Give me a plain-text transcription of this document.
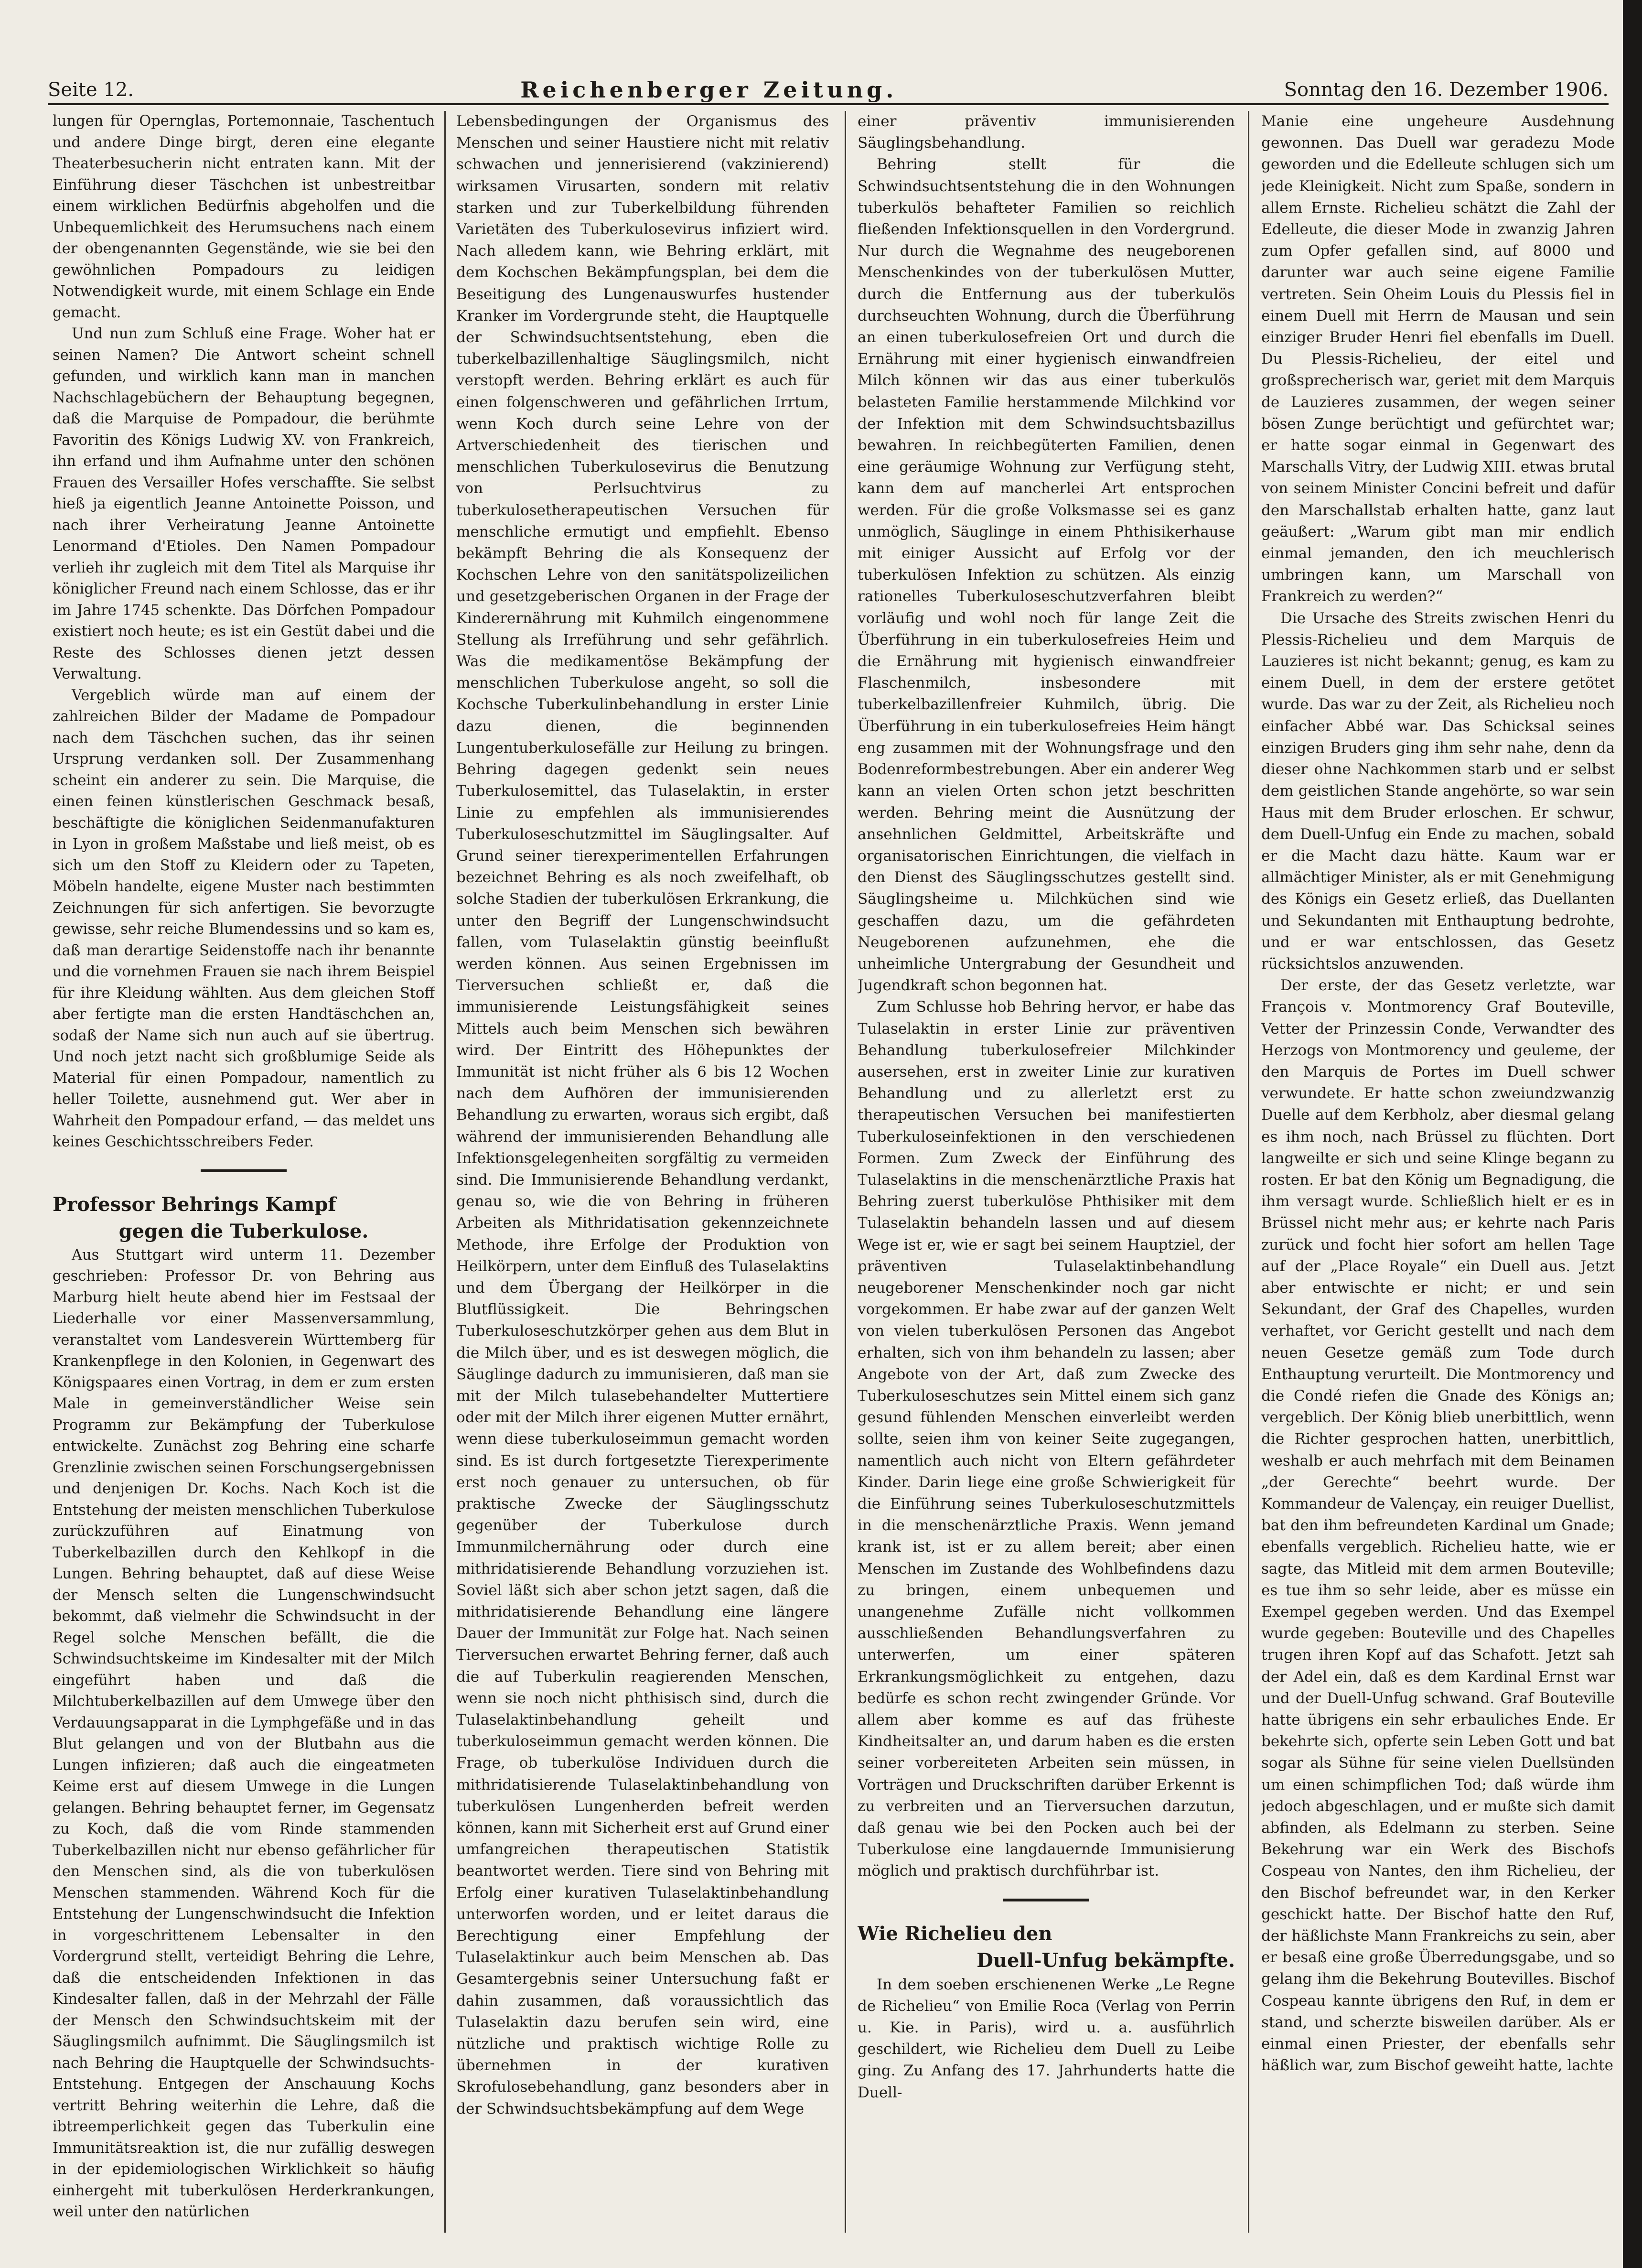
Seite 12.	Reichenberger Zeitung.	Sonntag den 16. Dezember 1906.

lungen für Opernglas, Portemonnaie, Taschentuch und andere Dinge birgt, deren eine elegante Theaterbesucherin nicht entraten kann. Mit der Einführung dieser Täschchen ist unbestreitbar einem wirklichen Bedürfnis abgeholfen und die Unbequemlichkeit des Herumsuchens nach einem der obengenannten Gegenstände, wie sie bei den gewöhnlichen Pompadours zu leidigen Notwendigkeit wurde, mit einem Schlage ein Ende gemacht.

Und nun zum Schluß eine Frage. Woher hat er seinen Namen? Die Antwort scheint schnell gefunden, und wirklich kann man in manchen Nachschlagebüchern der Behauptung begegnen, daß die Marquise de Pompadour, die berühmte Favoritin des Königs Ludwig XV. von Frankreich, ihn erfand und ihm Aufnahme unter den schönen Frauen des Versailler Hofes verschaffte. Sie selbst hieß ja eigentlich Jeanne Antoinette Poisson, und nach ihrer Verheiratung Jeanne Antoinette Lenormand d'Etioles. Den Namen Pompadour verlieh ihr zugleich mit dem Titel als Marquise ihr königlicher Freund nach einem Schlosse, das er ihr im Jahre 1745 schenkte. Das Dörfchen Pompadour existiert noch heute; es ist ein Gestüt dabei und die Reste des Schlosses dienen jetzt dessen Verwaltung.

Vergeblich würde man auf einem der zahlreichen Bilder der Madame de Pompadour nach dem Täschchen suchen, das ihr seinen Ursprung verdanken soll. Der Zusammenhang scheint ein anderer zu sein. Die Marquise, die einen feinen künstlerischen Geschmack besaß, beschäftigte die königlichen Seidenmanufakturen in Lyon in großem Maßstabe und ließ meist, ob es sich um den Stoff zu Kleidern oder zu Tapeten, Möbeln handelte, eigene Muster nach bestimmten Zeichnungen für sich anfertigen. Sie bevorzugte gewisse, sehr reiche Blumendessins und so kam es, daß man derartige Seidenstoffe nach ihr benannte und die vornehmen Frauen sie nach ihrem Beispiel für ihre Kleidung wählten. Aus dem gleichen Stoff aber fertigte man die ersten Handtäschchen an, sodaß der Name sich nun auch auf sie übertrug. Und noch jetzt nacht sich großblumige Seide als Material für einen Pompadour, namentlich zu heller Toilette, ausnehmend gut. Wer aber in Wahrheit den Pompadour erfand, — das meldet uns keines Geschichtsschreibers Feder.

Professor Behrings Kampf

gegen die Tuberkulose.

Aus Stuttgart wird unterm 11. Dezember geschrieben: Professor Dr. von Behring aus Marburg hielt heute abend hier im Festsaal der Liederhalle vor einer Massenversammlung, veranstaltet vom Landesverein Württemberg für Krankenpflege in den Kolonien, in Gegenwart des Königspaares einen Vortrag, in dem er zum ersten Male in gemeinverständlicher Weise sein Programm zur Bekämpfung der Tuberkulose entwickelte. Zunächst zog Behring eine scharfe Grenzlinie zwischen seinen Forschungsergebnissen und denjenigen Dr. Kochs. Nach Koch ist die Entstehung der meisten menschlichen Tuberkulose zurückzuführen auf Einatmung von Tuberkelbazillen durch den Kehlkopf in die Lungen. Behring behauptet, daß auf diese Weise der Mensch selten die Lungenschwindsucht bekommt, daß vielmehr die Schwindsucht in der Regel solche Menschen befällt, die die Schwindsuchtskeime im Kindesalter mit der Milch eingeführt haben und daß die Milchtuberkelbazillen auf dem Umwege über den Verdauungsapparat in die Lymphgefäße und in das Blut gelangen und von der Blutbahn aus die Lungen infizieren; daß auch die eingeatmeten Keime erst auf diesem Umwege in die Lungen gelangen. Behring behauptet ferner, im Gegensatz zu Koch, daß die vom Rinde stammenden Tuberkelbazillen nicht nur ebenso gefährlicher für den Menschen sind, als die von tuberkulösen Menschen stammenden. Während Koch für die Entstehung der Lungenschwindsucht die Infektion in vorgeschrittenem Lebensalter in den Vordergrund stellt, verteidigt Behring die Lehre, daß die entscheidenden Infektionen in das Kindesalter fallen, daß in der Mehrzahl der Fälle der Mensch den Schwindsuchtskeim mit der Säuglingsmilch aufnimmt. Die Säuglingsmilch ist nach Behring die Hauptquelle der Schwindsuchts-Entstehung. Entgegen der Anschauung Kochs vertritt Behring weiterhin die Lehre, daß die ibtreemperlichkeit gegen das Tuberkulin eine Immunitätsreaktion ist, die nur zufällig deswegen in der epidemiologischen Wirklichkeit so häufig einhergeht mit tuberkulösen Herderkrankungen, weil unter den natürlichen

Lebensbedingungen der Organismus des Menschen und seiner Haustiere nicht mit relativ schwachen und jennerisierend (vakzinierend) wirksamen Virusarten, sondern mit relativ starken und zur Tuberkelbildung führenden Varietäten des Tuberkulosevirus infiziert wird. Nach alledem kann, wie Behring erklärt, mit dem Kochschen Bekämpfungsplan, bei dem die Beseitigung des Lungenauswurfes hustender Kranker im Vordergrunde steht, die Hauptquelle der Schwindsuchtsentstehung, eben die tuberkelbazillenhaltige Säuglingsmilch, nicht verstopft werden. Behring erklärt es auch für einen folgenschweren und gefährlichen Irrtum, wenn Koch durch seine Lehre von der Artverschiedenheit des tierischen und menschlichen Tuberkulosevirus die Benutzung von Perlsuchtvirus zu tuberkulosetherapeutischen Versuchen für menschliche ermutigt und empfiehlt. Ebenso bekämpft Behring die als Konsequenz der Kochschen Lehre von den sanitätspolizeilichen und gesetzgeberischen Organen in der Frage der Kinderernährung mit Kuhmilch eingenommene Stellung als Irreführung und sehr gefährlich. Was die medikamentöse Bekämpfung der menschlichen Tuberkulose angeht, so soll die Kochsche Tuberkulinbehandlung in erster Linie dazu dienen, die beginnenden Lungentuberkulosefälle zur Heilung zu bringen. Behring dagegen gedenkt sein neues Tuberkulosemittel, das Tulaselaktin, in erster Linie zu empfehlen als immunisierendes Tuberkuloseschutzmittel im Säuglingsalter. Auf Grund seiner tierexperimentellen Erfahrungen bezeichnet Behring es als noch zweifelhaft, ob solche Stadien der tuberkulösen Erkrankung, die unter den Begriff der Lungenschwindsucht fallen, vom Tulaselaktin günstig beeinflußt werden können. Aus seinen Ergebnissen im Tierversuchen schließt er, daß die immunisierende Leistungsfähigkeit seines Mittels auch beim Menschen sich bewähren wird. Der Eintritt des Höhepunktes der Immunität ist nicht früher als 6 bis 12 Wochen nach dem Aufhören der immunisierenden Behandlung zu erwarten, woraus sich ergibt, daß während der immunisierenden Behandlung alle Infektionsgelegenheiten sorgfältig zu vermeiden sind. Die Immunisierende Behandlung verdankt, genau so, wie die von Behring in früheren Arbeiten als Mithridatisation gekennzeichnete Methode, ihre Erfolge der Produktion von Heilkörpern, unter dem Einfluß des Tulaselaktins und dem Übergang der Heilkörper in die Blutflüssigkeit. Die Behringschen Tuberkuloseschutzkörper gehen aus dem Blut in die Milch über, und es ist deswegen möglich, die Säuglinge dadurch zu immunisieren, daß man sie mit der Milch tulasebehandelter Muttertiere oder mit der Milch ihrer eigenen Mutter ernährt, wenn diese tuberkuloseimmun gemacht worden sind. Es ist durch fortgesetzte Tierexperimente erst noch genauer zu untersuchen, ob für praktische Zwecke der Säuglingsschutz gegenüber der Tuberkulose durch Immunmilchernährung oder durch eine mithridatisierende Behandlung vorzuziehen ist. Soviel läßt sich aber schon jetzt sagen, daß die mithridatisierende Behandlung eine längere Dauer der Immunität zur Folge hat. Nach seinen Tierversuchen erwartet Behring ferner, daß auch die auf Tuberkulin reagierenden Menschen, wenn sie noch nicht phthisisch sind, durch die Tulaselaktinbehandlung geheilt und tuberkuloseimmun gemacht werden können. Die Frage, ob tuberkulöse Individuen durch die mithridatisierende Tulaselaktinbehandlung von tuberkulösen Lungenherden befreit werden können, kann mit Sicherheit erst auf Grund einer umfangreichen therapeutischen Statistik beantwortet werden. Tiere sind von Behring mit Erfolg einer kurativen Tulaselaktinbehandlung unterworfen worden, und er leitet daraus die Berechtigung einer Empfehlung der Tulaselaktinkur auch beim Menschen ab. Das Gesamtergebnis seiner Untersuchung faßt er dahin zusammen, daß voraussichtlich das Tulaselaktin dazu berufen sein wird, eine nützliche und praktisch wichtige Rolle zu übernehmen in der kurativen Skrofulosebehandlung, ganz besonders aber in der Schwindsuchtsbekämpfung auf dem Wege

einer präventiv immunisierenden Säuglingsbehandlung.

Behring stellt für die Schwindsuchtsentstehung die in den Wohnungen tuberkulös behafteter Familien so reichlich fließenden Infektionsquellen in den Vordergrund. Nur durch die Wegnahme des neugeborenen Menschenkindes von der tuberkulösen Mutter, durch die Entfernung aus der tuberkulös durchseuchten Wohnung, durch die Überführung an einen tuberkulosefreien Ort und durch die Ernährung mit einer hygienisch einwandfreien Milch können wir das aus einer tuberkulös belasteten Familie herstammende Milchkind vor der Infektion mit dem Schwindsuchtsbazillus bewahren. In reichbegüterten Familien, denen eine geräumige Wohnung zur Verfügung steht, kann dem auf mancherlei Art entsprochen werden. Für die große Volksmasse sei es ganz unmöglich, Säuglinge in einem Phthisikerhause mit einiger Aussicht auf Erfolg vor der tuberkulösen Infektion zu schützen. Als einzig rationelles Tuberkuloseschutzverfahren bleibt vorläufig und wohl noch für lange Zeit die Überführung in ein tuberkulosefreies Heim und die Ernährung mit hygienisch einwandfreier Flaschenmilch, insbesondere mit tuberkelbazillenfreier Kuhmilch, übrig. Die Überführung in ein tuberkulosefreies Heim hängt eng zusammen mit der Wohnungsfrage und den Bodenreformbestrebungen. Aber ein anderer Weg kann an vielen Orten schon jetzt beschritten werden. Behring meint die Ausnützung der ansehnlichen Geldmittel, Arbeitskräfte und organisatorischen Einrichtungen, die vielfach in den Dienst des Säuglingsschutzes gestellt sind. Säuglingsheime u. Milchküchen sind wie geschaffen dazu, um die gefährdeten Neugeborenen aufzunehmen, ehe die unheimliche Untergrabung der Gesundheit und Jugendkraft schon begonnen hat.

Zum Schlusse hob Behring hervor, er habe das Tulaselaktin in erster Linie zur präventiven Behandlung tuberkulosefreier Milchkinder ausersehen, erst in zweiter Linie zur kurativen Behandlung und zu allerletzt erst zu therapeutischen Versuchen bei manifestierten Tuberkuloseinfektionen in den verschiedenen Formen. Zum Zweck der Einführung des Tulaselaktins in die menschenärztliche Praxis hat Behring zuerst tuberkulöse Phthisiker mit dem Tulaselaktin behandeln lassen und auf diesem Wege ist er, wie er sagt bei seinem Hauptziel, der präventiven Tulaselaktinbehandlung neugeborener Menschenkinder noch gar nicht vorgekommen. Er habe zwar auf der ganzen Welt von vielen tuberkulösen Personen das Angebot erhalten, sich von ihm behandeln zu lassen; aber Angebote von der Art, daß zum Zwecke des Tuberkuloseschutzes sein Mittel einem sich ganz gesund fühlenden Menschen einverleibt werden sollte, seien ihm von keiner Seite zugegangen, namentlich auch nicht von Eltern gefährdeter Kinder. Darin liege eine große Schwierigkeit für die Einführung seines Tuberkuloseschutzmittels in die menschenärztliche Praxis. Wenn jemand krank ist, ist er zu allem bereit; aber einen Menschen im Zustande des Wohlbefindens dazu zu bringen, einem unbequemen und unangenehme Zufälle nicht vollkommen ausschließenden Behandlungsverfahren zu unterwerfen, um einer späteren Erkrankungsmöglichkeit zu entgehen, dazu bedürfe es schon recht zwingender Gründe. Vor allem aber komme es auf das früheste Kindheitsalter an, und darum haben es die ersten seiner vorbereiteten Arbeiten sein müssen, in Vorträgen und Druckschriften darüber Erkennt is zu verbreiten und an Tierversuchen darzutun, daß genau wie bei den Pocken auch bei der Tuberkulose eine langdauernde Immunisierung möglich und praktisch durchführbar ist.

Wie Richelieu den

Duell-Unfug bekämpfte.

In dem soeben erschienenen Werke „Le Regne de Richelieu“ von Emilie Roca (Verlag von Perrin u. Kie. in Paris), wird u. a. ausführlich geschildert, wie Richelieu dem Duell zu Leibe ging. Zu Anfang des 17. Jahrhunderts hatte die Duell-

Manie eine ungeheure Ausdehnung gewonnen. Das Duell war geradezu Mode geworden und die Edelleute schlugen sich um jede Kleinigkeit. Nicht zum Spaße, sondern in allem Ernste. Richelieu schätzt die Zahl der Edelleute, die dieser Mode in zwanzig Jahren zum Opfer gefallen sind, auf 8000 und darunter war auch seine eigene Familie vertreten. Sein Oheim Louis du Plessis fiel in einem Duell mit Herrn de Mausan und sein einziger Bruder Henri fiel ebenfalls im Duell. Du Plessis-Richelieu, der eitel und großsprecherisch war, geriet mit dem Marquis de Lauzieres zusammen, der wegen seiner bösen Zunge berüchtigt und gefürchtet war; er hatte sogar einmal in Gegenwart des Marschalls Vitry, der Ludwig XIII. etwas brutal von seinem Minister Concini befreit und dafür den Marschallstab erhalten hatte, ganz laut geäußert: „Warum gibt man mir endlich einmal jemanden, den ich meuchlerisch umbringen kann, um Marschall von Frankreich zu werden?“

Die Ursache des Streits zwischen Henri du Plessis-Richelieu und dem Marquis de Lauzieres ist nicht bekannt; genug, es kam zu einem Duell, in dem der erstere getötet wurde. Das war zu der Zeit, als Richelieu noch einfacher Abbé war. Das Schicksal seines einzigen Bruders ging ihm sehr nahe, denn da dieser ohne Nachkommen starb und er selbst dem geistlichen Stande angehörte, so war sein Haus mit dem Bruder erloschen. Er schwur, dem Duell-Unfug ein Ende zu machen, sobald er die Macht dazu hätte. Kaum war er allmächtiger Minister, als er mit Genehmigung des Königs ein Gesetz erließ, das Duellanten und Sekundanten mit Enthauptung bedrohte, und er war entschlossen, das Gesetz rücksichtslos anzuwenden.

Der erste, der das Gesetz verletzte, war François v. Montmorency Graf Bouteville, Vetter der Prinzessin Conde, Verwandter des Herzogs von Montmorency und geuleme, der den Marquis de Portes im Duell schwer verwundete. Er hatte schon zweiundzwanzig Duelle auf dem Kerbholz, aber diesmal gelang es ihm noch, nach Brüssel zu flüchten. Dort langweilte er sich und seine Klinge begann zu rosten. Er bat den König um Begnadigung, die ihm versagt wurde. Schließlich hielt er es in Brüssel nicht mehr aus; er kehrte nach Paris zurück und focht hier sofort am hellen Tage auf der „Place Royale“ ein Duell aus. Jetzt aber entwischte er nicht; er und sein Sekundant, der Graf des Chapelles, wurden verhaftet, vor Gericht gestellt und nach dem neuen Gesetze gemäß zum Tode durch Enthauptung verurteilt. Die Montmorency und die Condé riefen die Gnade des Königs an; vergeblich. Der König blieb unerbittlich, wenn die Richter gesprochen hatten, unerbittlich, weshalb er auch mehrfach mit dem Beinamen „der Gerechte“ beehrt wurde. Der Kommandeur de Valençay, ein reuiger Duellist, bat den ihm befreundeten Kardinal um Gnade; ebenfalls vergeblich. Richelieu hatte, wie er sagte, das Mitleid mit dem armen Bouteville; es tue ihm so sehr leide, aber es müsse ein Exempel gegeben werden. Und das Exempel wurde gegeben: Bouteville und des Chapelles trugen ihren Kopf auf das Schafott. Jetzt sah der Adel ein, daß es dem Kardinal Ernst war und der Duell-Unfug schwand. Graf Bouteville hatte übrigens ein sehr erbauliches Ende. Er bekehrte sich, opferte sein Leben Gott und bat sogar als Sühne für seine vielen Duellsünden um einen schimpflichen Tod; daß würde ihm jedoch abgeschlagen, und er mußte sich damit abfinden, als Edelmann zu sterben. Seine Bekehrung war ein Werk des Bischofs Cospeau von Nantes, den ihm Richelieu, der den Bischof befreundet war, in den Kerker geschickt hatte. Der Bischof hatte den Ruf, der häßlichste Mann Frankreichs zu sein, aber er besaß eine große Überredungsgabe, und so gelang ihm die Bekehrung Boutevilles. Bischof Cospeau kannte übrigens den Ruf, in dem er stand, und scherzte bisweilen darüber. Als er einmal einen Priester, der ebenfalls sehr häßlich war, zum Bischof geweiht hatte, lachte
